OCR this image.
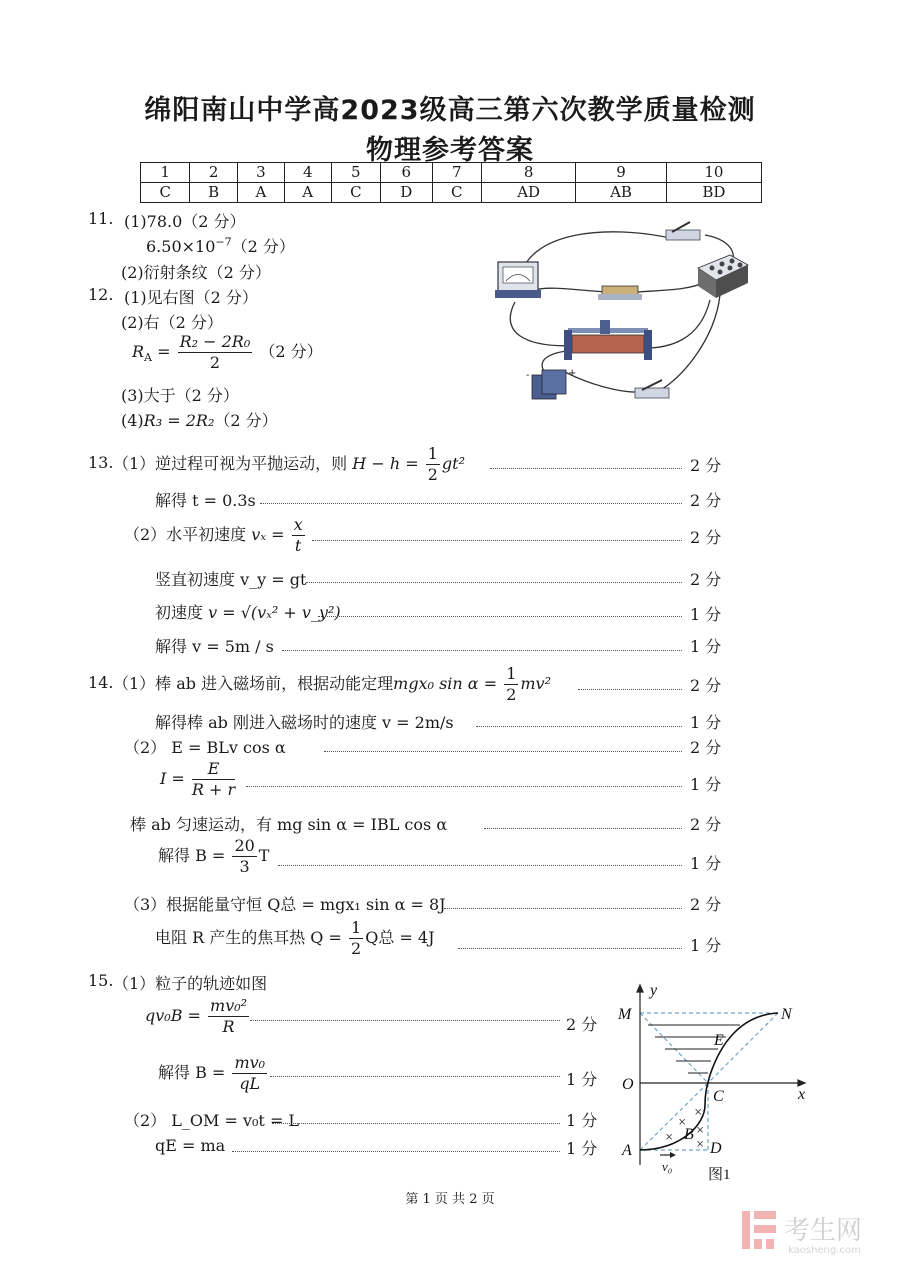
绵阳南山中学高2023级高三第六次教学质量检测
物理参考答案
1	2	3	4	5	6	7	8	9	10
C	B	A	A	C	D	C	AD	AB	BD
11. (1)78.0（2 分）
$6.50\times 10^{-7}(2$ 分）
(2)衍射条纹（2 分）
12. (1)见右图（2 分）
(2)右（2 分）
$R_A = \frac{\text{R₂ − 2R₀}}{2} (2$ 分）
(3)大于（2 分）
(4)R₃ = 2R₂（2 分）
-	+
13. （1）逆过程可视为平抛运动，则 $H - h = \frac{1}{2} gt^2$	2 分
解得 t = 0.3s	2 分
（2）水平初速度 $v_x = \frac{x}{t}$	2 分
竖直初速度 v_y = gt	2 分
初速度 v = √(vₓ² + v_y²)	1 分
解得 v = 5m / s	1 分
14. （1）棒 ab 进入磁场前，根据动能定理mgx₀ $\sin \alpha = \frac{1}{2} mv^2$	2 分
解得棒 ab 刚进入磁场时的速度 v = 2m/s	1 分
（2） E = BLv cos α	2 分
$I = \frac{E}{R + r}$	1 分
棒 ab 匀速运动，有 mg sin α = IBL cos α	2 分
解得 $B = \frac{20}{3}$ T	1 分
（3）根据能量守恒 Q总 = mgx₁ sin α = 8J	2 分
电阻 R 产生的焦耳热 $Q = \frac{1}{2}$ Q总 = 4J	1 分
15. （1）粒子的轨迹如图
$qv_0B = \frac{\text{mv₀²}}{R}$	2 分
解得 $B = \frac{\text{mv₀}}{qL}$	1 分
（2） L_OM = v₀t = L	1 分
qE = ma	1 分
×
×
×
×
×
y
M	N
E
O
C	x
A
B
D
v₀
图1
第 1 页 共 2 页
考生网
kaosheng.com
